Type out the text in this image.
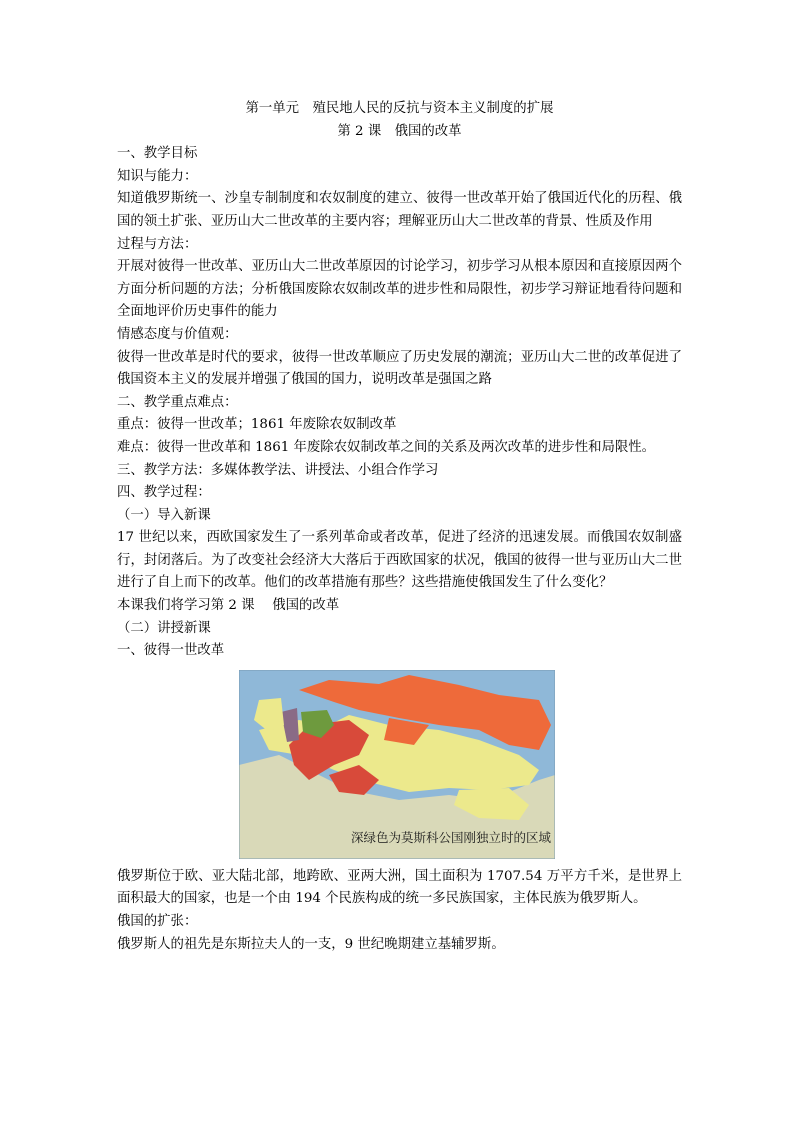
第一单元　殖民地人民的反抗与资本主义制度的扩展
第 2 课　俄国的改革
一、教学目标
知识与能力：
知道俄罗斯统一、沙皇专制制度和农奴制度的建立、彼得一世改革开始了俄国近代化的历程、俄国的领土扩张、亚历山大二世改革的主要内容；理解亚历山大二世改革的背景、性质及作用
过程与方法：
开展对彼得一世改革、亚历山大二世改革原因的讨论学习，初步学习从根本原因和直接原因两个方面分析问题的方法；分析俄国废除农奴制改革的进步性和局限性，初步学习辩证地看待问题和全面地评价历史事件的能力
情感态度与价值观：
彼得一世改革是时代的要求，彼得一世改革顺应了历史发展的潮流；亚历山大二世的改革促进了俄国资本主义的发展并增强了俄国的国力，说明改革是强国之路
二、教学重点难点：
重点：彼得一世改革；1861 年废除农奴制改革
难点：彼得一世改革和 1861 年废除农奴制改革之间的关系及两次改革的进步性和局限性。
三、教学方法：多媒体教学法、讲授法、小组合作学习
四、教学过程：
（一）导入新课
17 世纪以来，西欧国家发生了一系列革命或者改革，促进了经济的迅速发展。而俄国农奴制盛行，封闭落后。为了改变社会经济大大落后于西欧国家的状况，俄国的彼得一世与亚历山大二世进行了自上而下的改革。他们的改革措施有那些？这些措施使俄国发生了什么变化？
本课我们将学习第 2 课　 俄国的改革
（二）讲授新课
一、彼得一世改革
深绿色为莫斯科公国刚独立时的区域
俄罗斯位于欧、亚大陆北部，地跨欧、亚两大洲，国土面积为 1707.54 万平方千米，是世界上面积最大的国家，也是一个由 194 个民族构成的统一多民族国家，主体民族为俄罗斯人。
俄国的扩张：
俄罗斯人的祖先是东斯拉夫人的一支，9 世纪晚期建立基辅罗斯。
